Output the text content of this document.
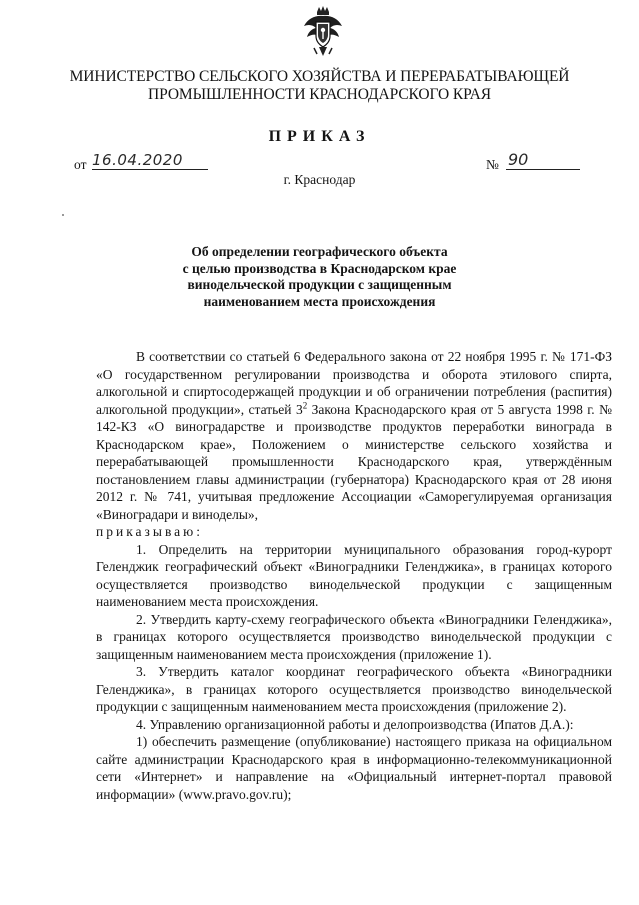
МИНИСТЕРСТВО СЕЛЬСКОГО ХОЗЯЙСТВА И ПЕРЕРАБАТЫВАЮЩЕЙ
ПРОМЫШЛЕННОСТИ КРАСНОДАРСКОГО КРАЯ
ПРИКАЗ
от 16.04.2020	№ 90
г. Краснодар
Об определении географического объекта
с целью производства в Краснодарском крае
винодельческой продукции с защищенным
наименованием места происхождения

В соответствии со статьей 6 Федерального закона от 22 ноября 1995 г. № 171-ФЗ «О государственном регулировании производства и оборота этилового спирта, алкогольной и спиртосодержащей продукции и об ограничении потребления (распития) алкогольной продукции», статьей $3^2$ Закона Краснодарского края от 5 августа 1998 г. № 142-КЗ «О виноградарстве и производстве продуктов переработки винограда в Краснодарском крае», Положением о министерстве сельского хозяйства и перерабатывающей промышленности Краснодарского края, утверждённым постановлением главы администрации (губернатора) Краснодарского края от 28 июня 2012 г. № 741, учитывая предложение Ассоциации «Саморегулируемая организация «Виноградари и виноделы»,

приказываю:

1. Определить на территории муниципального образования город-курорт Геленджик географический объект «Виноградники Геленджика», в границах которого осуществляется производство винодельческой продукции с защищенным наименованием места происхождения.

2. Утвердить карту-схему географического объекта «Виноградники Геленджика», в границах которого осуществляется производство винодельческой продукции с защищенным наименованием места происхождения (приложение 1).

3. Утвердить каталог координат географического объекта «Виноградники Геленджика», в границах которого осуществляется производство винодельческой продукции с защищенным наименованием места происхождения (приложение 2).

4. Управлению организационной работы и делопроизводства (Ипатов Д.А.):

1) обеспечить размещение (опубликование) настоящего приказа на официальном сайте администрации Краснодарского края в информационно-телекоммуникационной сети «Интернет» и направление на «Официальный интернет-портал правовой информации» (www.pravo.gov.ru);
